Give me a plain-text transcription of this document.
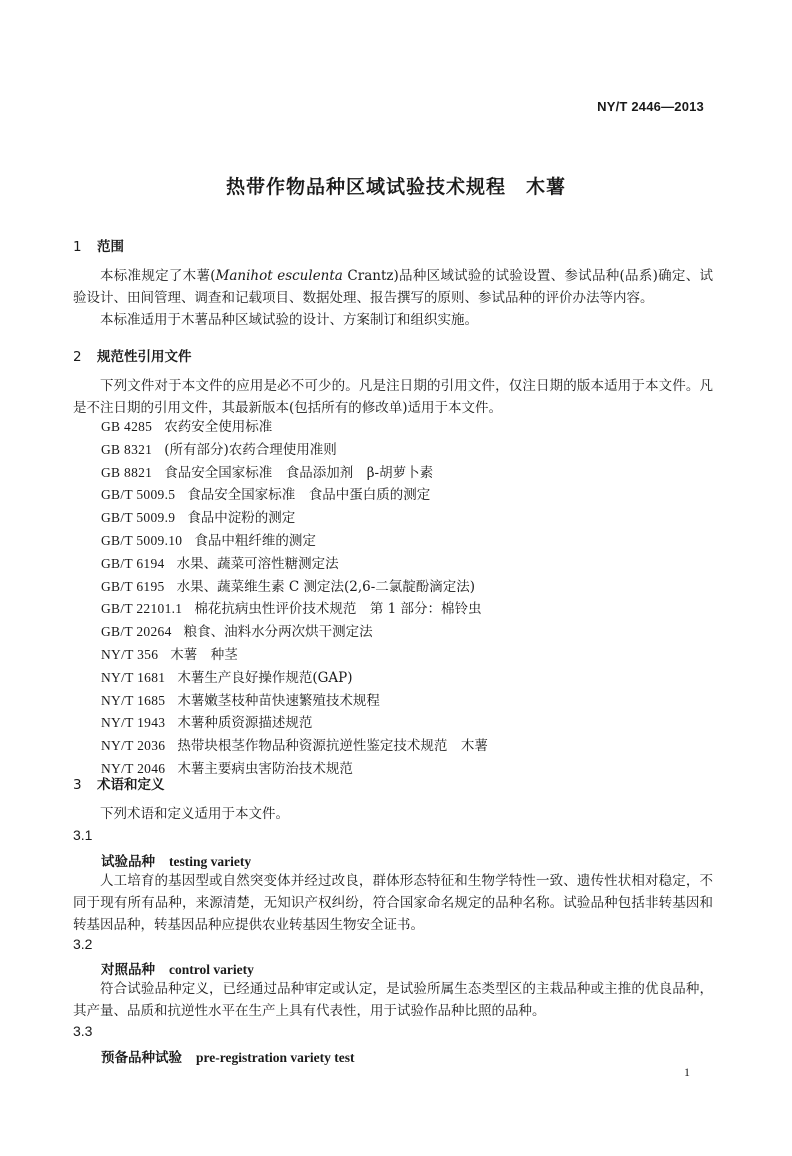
NY/T 2446—2013
热带作物品种区域试验技术规程　木薯
1 范围

本标准规定了木薯(Manihot esculenta Crantz)品种区域试验的试验设置、参试品种(品系)确定、试验设计、田间管理、调查和记载项目、数据处理、报告撰写的原则、参试品种的评价办法等内容。

本标准适用于木薯品种区域试验的设计、方案制订和组织实施。

2 规范性引用文件

下列文件对于本文件的应用是必不可少的。凡是注日期的引用文件，仅注日期的版本适用于本文件。凡是不注日期的引用文件，其最新版本(包括所有的修改单)适用于本文件。

GB 4285 农药安全使用标准
GB 8321 (所有部分)农药合理使用准则
GB 8821 食品安全国家标准　食品添加剂　β-胡萝卜素
GB/T 5009.5 食品安全国家标准　食品中蛋白质的测定
GB/T 5009.9 食品中淀粉的测定
GB/T 5009.10 食品中粗纤维的测定
GB/T 6194 水果、蔬菜可溶性糖测定法
GB/T 6195 水果、蔬菜维生素 C 测定法(2,6-二氯靛酚滴定法)
GB/T 22101.1 棉花抗病虫性评价技术规范　第 1 部分：棉铃虫
GB/T 20264 粮食、油料水分两次烘干测定法
NY/T 356 木薯　种茎
NY/T 1681 木薯生产良好操作规范(GAP)
NY/T 1685 木薯嫩茎枝种苗快速繁殖技术规程
NY/T 1943 木薯种质资源描述规范
NY/T 2036 热带块根茎作物品种资源抗逆性鉴定技术规范　木薯
NY/T 2046 木薯主要病虫害防治技术规范
3 术语和定义

下列术语和定义适用于本文件。

3.1
试验品种 testing variety

人工培育的基因型或自然突变体并经过改良，群体形态特征和生物学特性一致、遗传性状相对稳定，不同于现有所有品种，来源清楚，无知识产权纠纷，符合国家命名规定的品种名称。试验品种包括非转基因和转基因品种，转基因品种应提供农业转基因生物安全证书。

3.2
对照品种 control variety

符合试验品种定义，已经通过品种审定或认定，是试验所属生态类型区的主栽品种或主推的优良品种，其产量、品质和抗逆性水平在生产上具有代表性，用于试验作品种比照的品种。

3.3
预备品种试验 pre-registration variety test
1
